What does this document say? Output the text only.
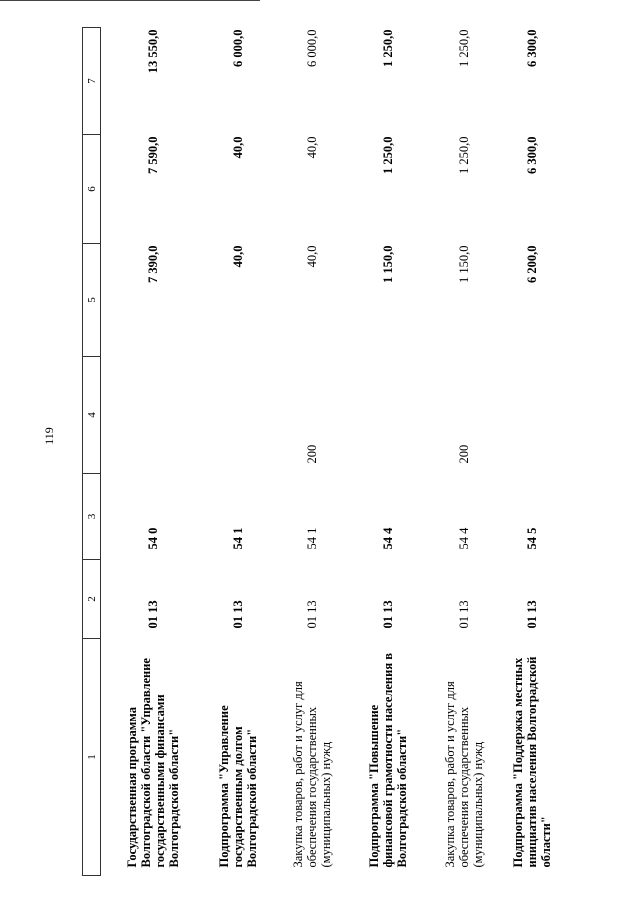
119
1	2	3	4	5	6	7
Государственная программа Волгоградской области "Управление государственными финансами Волгоградской области"	01 13	54 0		7 390,0	7 590,0	13 550,0
Подпрограмма "Управление государственным долгом Волгоградской области"	01 13	54 1		40,0	40,0	6 000,0
Закупка товаров, работ и услуг для обеспечения государственных (муниципальных) нужд	01 13	54 1	200	40,0	40,0	6 000,0
Подпрограмма "Повышение финансовой грамотности населения в Волгоградской области"	01 13	54 4		1 150,0	1 250,0	1 250,0
Закупка товаров, работ и услуг для обеспечения государственных (муниципальных) нужд	01 13	54 4	200	1 150,0	1 250,0	1 250,0
Подпрограмма "Поддержка местных инициатив населения Волгоградской области"	01 13	54 5		6 200,0	6 300,0	6 300,0
